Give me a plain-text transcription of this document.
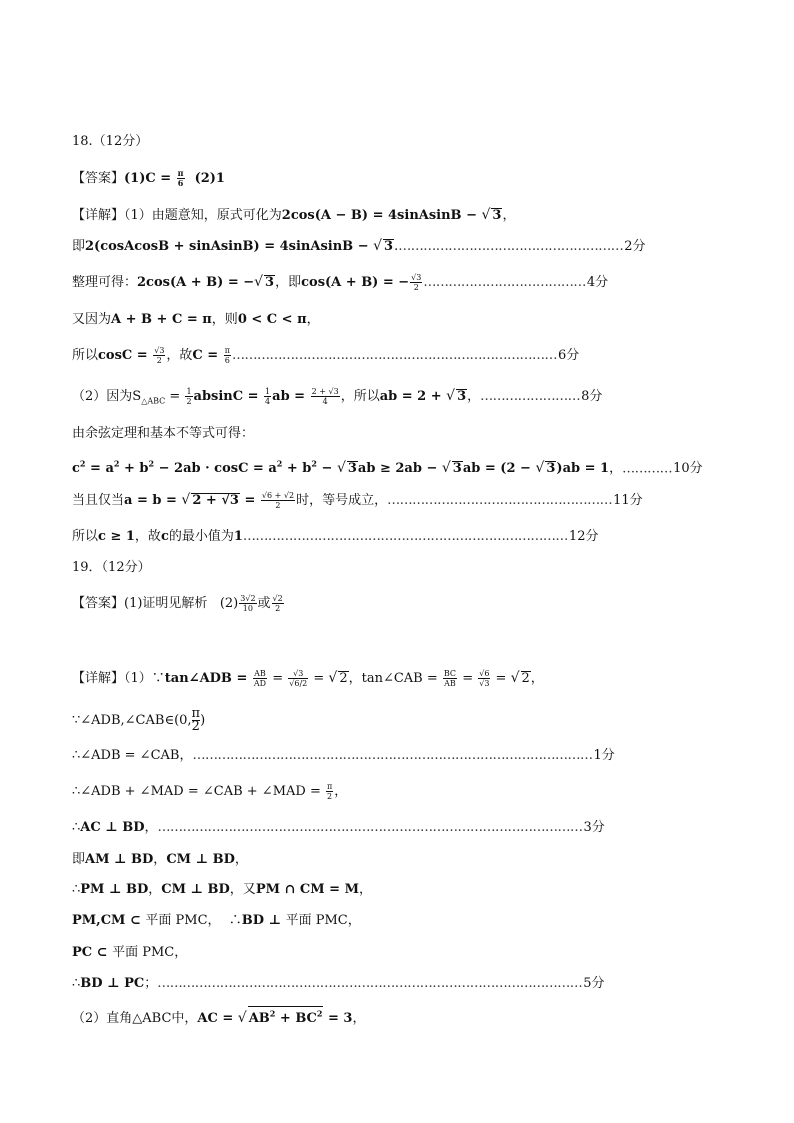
18.（12分）
【答案】$(1)C = \frac{\pi}{6} (2)1$
【详解】（1）由题意知，原式可化为2cos(A − B) = 4sinAsinB − √ 3，
即2(cosAcosB + sinAsinB) = 4sinAsinB − √ 3.………………………………………………2分
整理可得：2cos(A + B) = −√ 3，即cos(A + B) = − $\frac{√3}{2}$ …………………………………4分
又因为A + B + C = π，则0 < C < π，
所以$\cos C = \frac{√3}{2}$ ，故$C = \frac{\pi}{6}$ ……………………………………………………………………6分
（2）因为$S_{\triangle ABC} = \frac{1}{2}$ $absinC = \frac{1}{4}$ ab = $\frac{2 + √3}{4}$ ，所以ab = 2 + √ 3，……………………8分
由余弦定理和基本不等式可得：
$c^2 = a^2 + b^2 - 2ab \cdot \cos C = a^2 + b^2$ − √ 3ab ≥ 2ab − √ 3ab = (2 − √ 3)ab = 1，…………10分
当且仅当a = b = √ $2 + √3 = \frac{√6 + √2}{2}$ 时，等号成立，………………………………………………11分
所以c ≥ 1，故c的最小值为1……………………………………………………………………12分
19．（12分）
【答案】(1)证明见解析   $(2) \frac{3√2}{10}$ 或 $\frac{√2}{2}$
【详解】（1）∵tan∠ADB = $\frac{AB}{AD} = \frac{√3}{√6/2}$ = √ 2，tan∠CAB = $\frac{BC}{AB} = \frac{√6}{√3}$ = √ 2，
∵∠ADB,∠CAB∈(0, $\frac{\pi}{2}$)
∴∠ADB = ∠CAB，……………………………………………………………………………………1分
∴∠ADB + ∠MAD = ∠CAB + ∠MAD = $\frac{\pi}{2}$ ，
∴AC ⊥ BD，…………………………………………………………………………………………3分
即AM ⊥ BD，CM ⊥ BD，
∴PM ⊥ BD，CM ⊥ BD，又PM ∩ CM = M，
PM,CM ⊂ 平面 PMC，  ∴BD ⊥ 平面 PMC，
PC ⊂ 平面 PMC，
∴BD ⊥ PC；…………………………………………………………………………………………5分
（2）直角△ABC中，AC = √ $AB^2 + BC^2 = 3$，
